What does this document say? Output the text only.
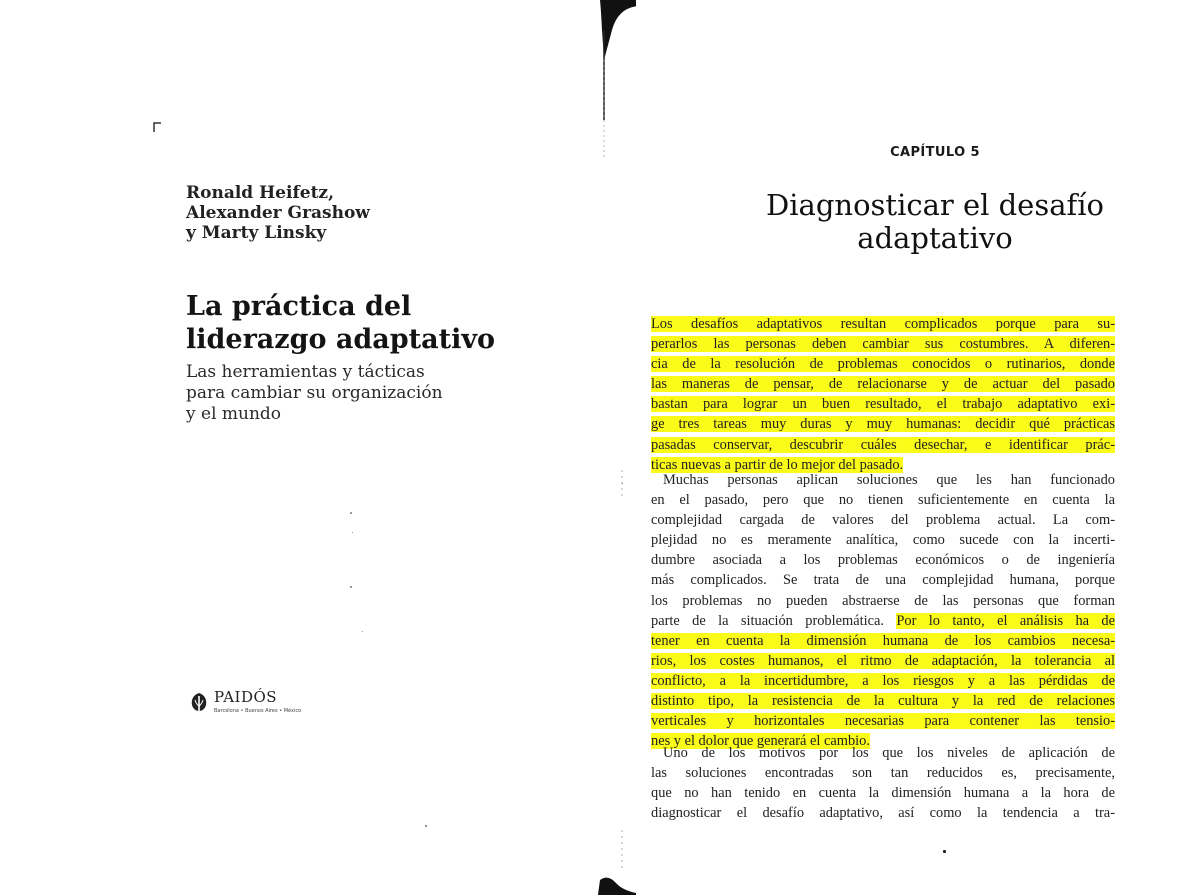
Ronald Heifetz,
Alexander Grashow
y Marty Linsky
La práctica del
liderazgo adaptativo
Las herramientas y tácticas
para cambiar su organización
y el mundo
PAIDÓS
Barcelona • Buenos Aires • México
CAPÍTULO 5
Diagnosticar el desafío
adaptativo
Los desafíos adaptativos resultan complicados porque para su-
perarlos las personas deben cambiar sus costumbres. A diferen-
cia de la resolución de problemas conocidos o rutinarios, donde
las maneras de pensar, de relacionarse y de actuar del pasado
bastan para lograr un buen resultado, el trabajo adaptativo exi-
ge tres tareas muy duras y muy humanas: decidir qué prácticas
pasadas conservar, descubrir cuáles desechar, e identificar prác-
ticas nuevas a partir de lo mejor del pasado.
Muchas personas aplican soluciones que les han funcionado
en el pasado, pero que no tienen suficientemente en cuenta la
complejidad cargada de valores del problema actual. La com-
plejidad no es meramente analítica, como sucede con la incerti-
dumbre asociada a los problemas económicos o de ingeniería
más complicados. Se trata de una complejidad humana, porque
los problemas no pueden abstraerse de las personas que forman
parte de la situación problemática. Por lo tanto, el análisis ha de
tener en cuenta la dimensión humana de los cambios necesa-
rios, los costes humanos, el ritmo de adaptación, la tolerancia al
conflicto, a la incertidumbre, a los riesgos y a las pérdidas de
distinto tipo, la resistencia de la cultura y la red de relaciones
verticales y horizontales necesarias para contener las tensio-
nes y el dolor que generará el cambio.
Uno de los motivos por los que los niveles de aplicación de
las soluciones encontradas son tan reducidos es, precisamente,
que no han tenido en cuenta la dimensión humana a la hora de
diagnosticar el desafío adaptativo, así como la tendencia a tra-
